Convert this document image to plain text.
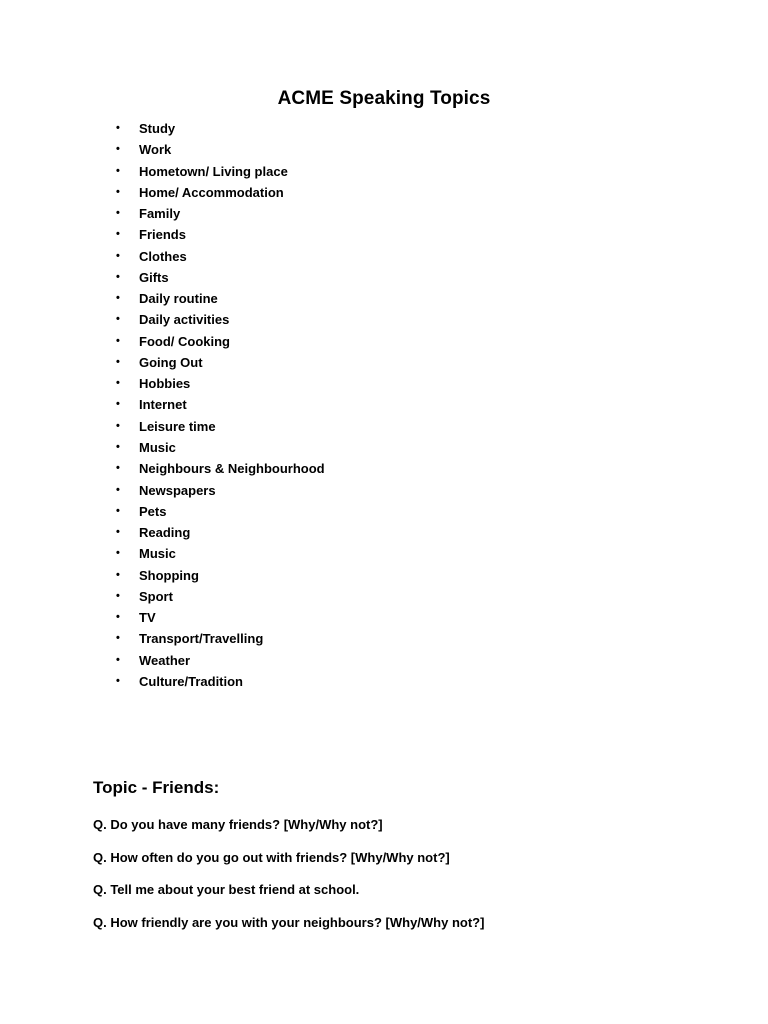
ACME Speaking Topics
• Study
• Work
• Hometown/ Living place
• Home/ Accommodation
• Family
• Friends
• Clothes
• Gifts
• Daily routine
• Daily activities
• Food/ Cooking
• Going Out
• Hobbies
• Internet
• Leisure time
• Music
• Neighbours & Neighbourhood
• Newspapers
• Pets
• Reading
• Music
• Shopping
• Sport
• TV
• Transport/Travelling
• Weather
• Culture/Tradition
Topic - Friends:

Q. Do you have many friends? [Why/Why not?]

Q. How often do you go out with friends? [Why/Why not?]

Q. Tell me about your best friend at school.

Q. How friendly are you with your neighbours? [Why/Why not?]
